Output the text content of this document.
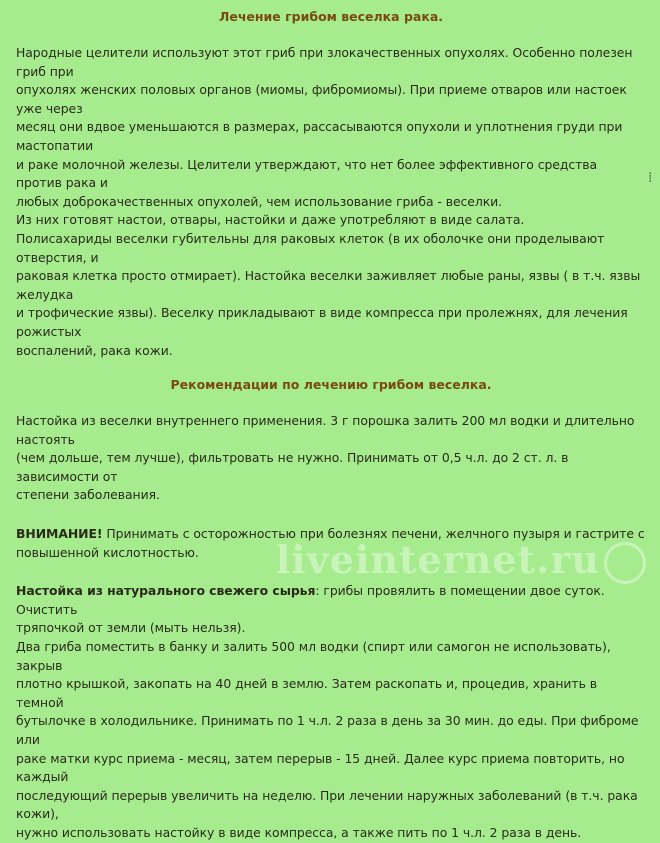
Лечение грибом веселка рака.

Народные целители используют этот гриб при злокачественных опухолях. Особенно полезен гриб при

опухолях женских половых органов (миомы, фибромиомы). При приеме отваров или настоек уже через

месяц они вдвое уменьшаются в размерах, рассасываются опухоли и уплотнения груди при мастопатии

и раке молочной железы. Целители утверждают, что нет более эффективного средства против рака и

любых доброкачественных опухолей, чем использование гриба - веселки.

Из них готовят настои, отвары, настойки и даже употребляют в виде салата.

Полисахариды веселки губительны для раковых клеток (в их оболочке они проделывают отверстия, и

раковая клетка просто отмирает). Настойка веселки заживляет любые раны, язвы ( в т.ч. язвы желудка

и трофические язвы). Веселку прикладывают в виде компресса при пролежнях, для лечения рожистых

воспалений, рака кожи.

Рекомендации по лечению грибом веселка.

Настойка из веселки внутреннего применения. 3 г порошка залить 200 мл водки и длительно настоять

(чем дольше, тем лучше), фильтровать не нужно. Принимать от 0,5 ч.л. до 2 ст. л. в зависимости от

степени заболевания.

ВНИМАНИЕ! Принимать с осторожностью при болезнях печени, желчного пузыря и гастрите с

повышенной кислотностью.

Настойка из натурального свежего сырья: грибы провялить в помещении двое суток. Очистить

тряпочкой от земли (мыть нельзя).

Два гриба поместить в банку и залить 500 мл водки (спирт или самогон не использовать), закрыв

плотно крышкой, закопать на 40 дней в землю. Затем раскопать и, процедив, хранить в темной

бутылочке в холодильнике. Принимать по 1 ч.л. 2 раза в день за 30 мин. до еды. При фиброме или

раке матки курс приема - месяц, затем перерыв - 15 дней. Далее курс приема повторить, но каждый

последующий перерыв увеличить на неделю. При лечении наружных заболеваний (в т.ч. рака кожи),

нужно использовать настойку в виде компресса, а также пить по 1 ч.л. 2 раза в день.

⁞
liveinternet.ru
